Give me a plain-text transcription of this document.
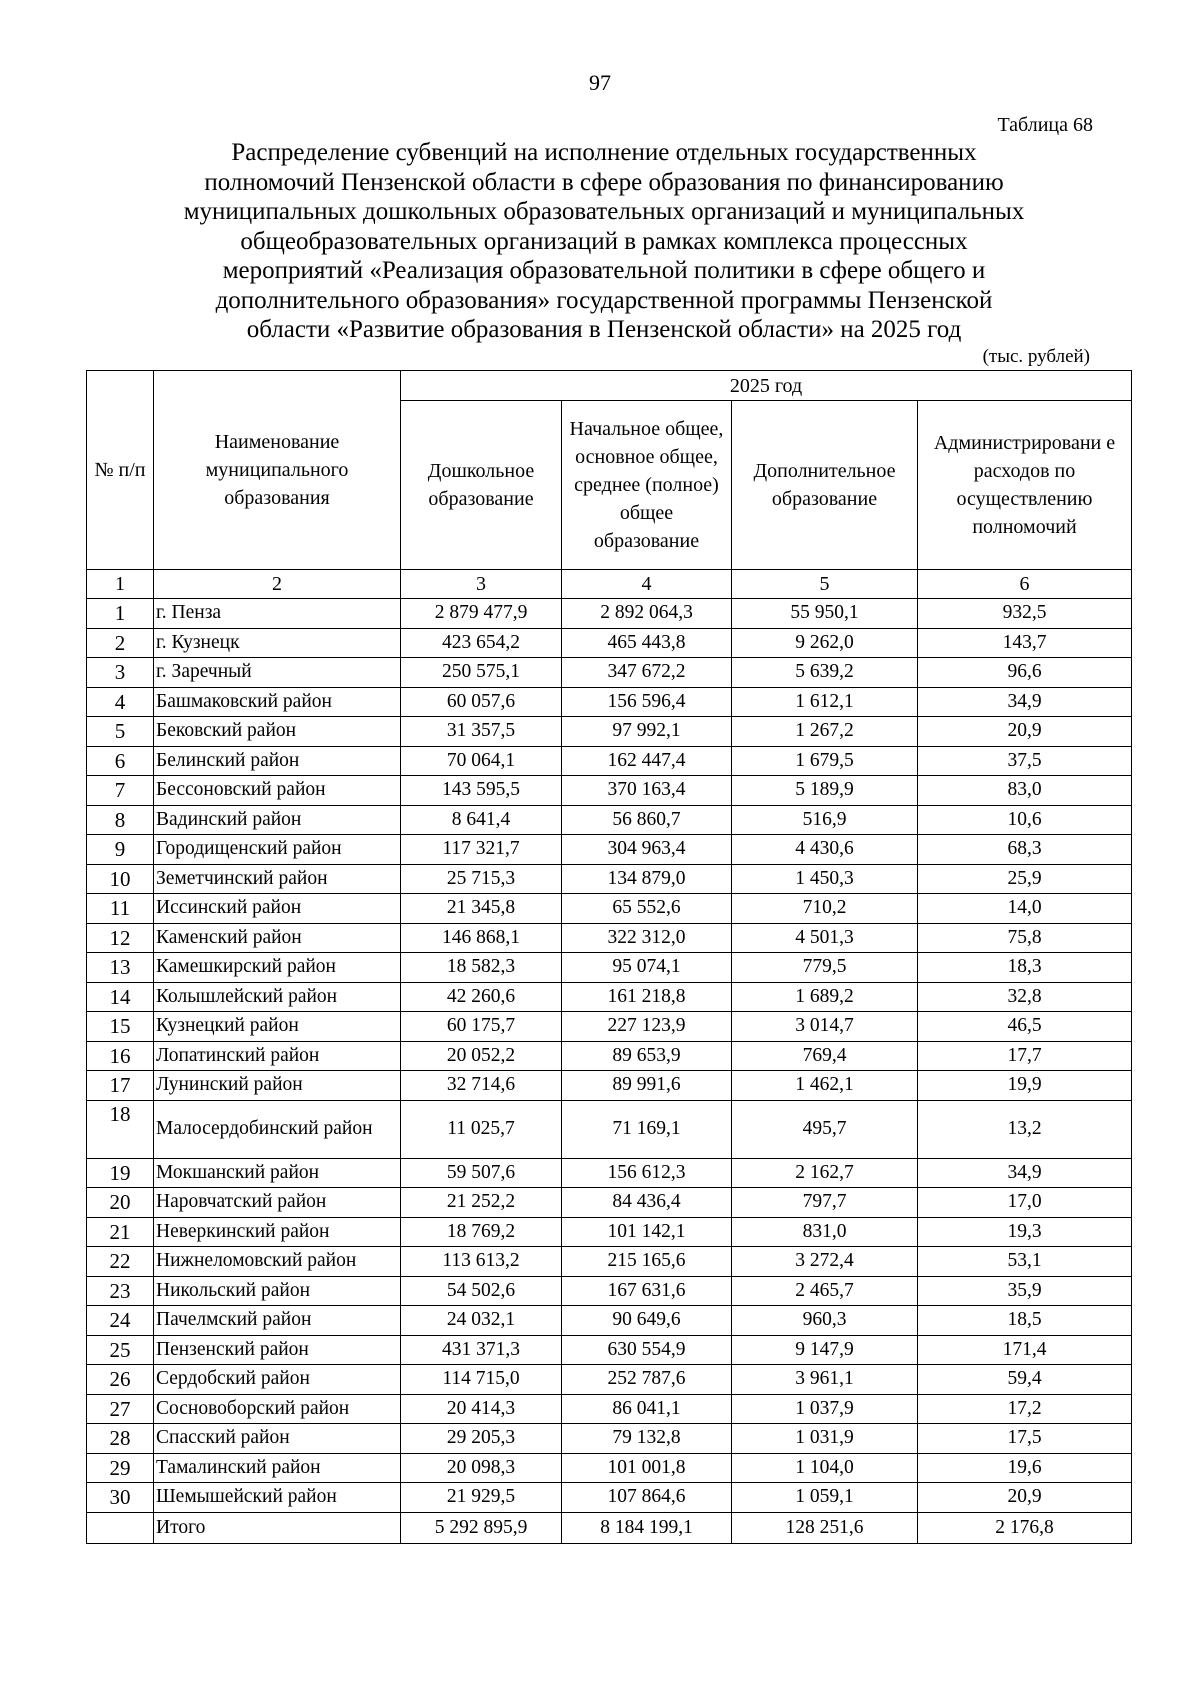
97
Таблица 68
Распределение субвенций на исполнение отдельных государственных
полномочий Пензенской области в сфере образования по финансированию
муниципальных дошкольных образовательных организаций и муниципальных
общеобразовательных организаций в рамках комплекса процессных
мероприятий «Реализация образовательной политики в сфере общего и
дополнительного образования» государственной программы Пензенской
области «Развитие образования в Пензенской области» на 2025 год
(тыс. рублей)
№ п/п	Наименование муниципального образования	2025 год			
		Дошкольное образование	Начальное общее, основное общее, среднее (полное) общее образование	Дополнительное образование	Администрировани е расходов по осуществлению полномочий
1	2	3	4	5	6
1	г. Пенза	2 879 477,9	2 892 064,3	55 950,1	932,5
2	г. Кузнецк	423 654,2	465 443,8	9 262,0	143,7
3	г. Заречный	250 575,1	347 672,2	5 639,2	96,6
4	Башмаковский район	60 057,6	156 596,4	1 612,1	34,9
5	Бековский район	31 357,5	97 992,1	1 267,2	20,9
6	Белинский район	70 064,1	162 447,4	1 679,5	37,5
7	Бессоновский район	143 595,5	370 163,4	5 189,9	83,0
8	Вадинский район	8 641,4	56 860,7	516,9	10,6
9	Городищенский район	117 321,7	304 963,4	4 430,6	68,3
10	Земетчинский район	25 715,3	134 879,0	1 450,3	25,9
11	Иссинский район	21 345,8	65 552,6	710,2	14,0
12	Каменский район	146 868,1	322 312,0	4 501,3	75,8
13	Камешкирский район	18 582,3	95 074,1	779,5	18,3
14	Колышлейский район	42 260,6	161 218,8	1 689,2	32,8
15	Кузнецкий район	60 175,7	227 123,9	3 014,7	46,5
16	Лопатинский район	20 052,2	89 653,9	769,4	17,7
17	Лунинский район	32 714,6	89 991,6	1 462,1	19,9
18	Малосердобинский район	11 025,7	71 169,1	495,7	13,2
19	Мокшанский район	59 507,6	156 612,3	2 162,7	34,9
20	Наровчатский район	21 252,2	84 436,4	797,7	17,0
21	Неверкинский район	18 769,2	101 142,1	831,0	19,3
22	Нижнеломовский район	113 613,2	215 165,6	3 272,4	53,1
23	Никольский район	54 502,6	167 631,6	2 465,7	35,9
24	Пачелмский район	24 032,1	90 649,6	960,3	18,5
25	Пензенский район	431 371,3	630 554,9	9 147,9	171,4
26	Сердобский район	114 715,0	252 787,6	3 961,1	59,4
27	Сосновоборский район	20 414,3	86 041,1	1 037,9	17,2
28	Спасский район	29 205,3	79 132,8	1 031,9	17,5
29	Тамалинский район	20 098,3	101 001,8	1 104,0	19,6
30	Шемышейский район	21 929,5	107 864,6	1 059,1	20,9
	Итого	5 292 895,9	8 184 199,1	128 251,6	2 176,8
